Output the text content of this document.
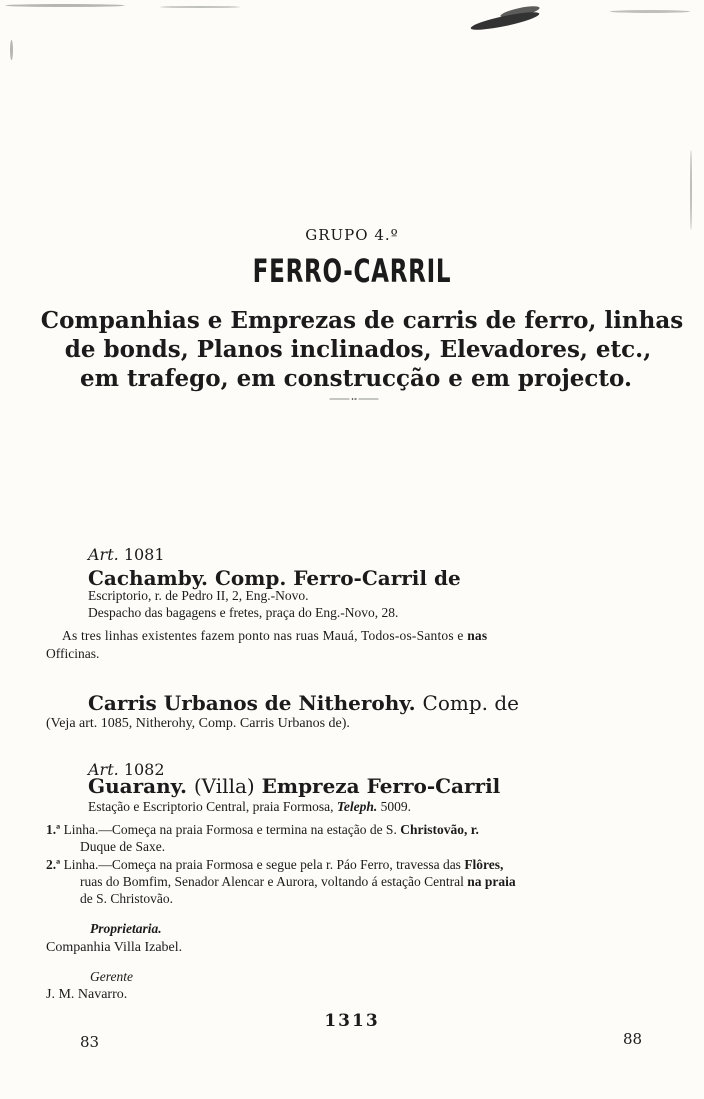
GRUPO 4.º
FERRO-CARRIL
Companhias e Emprezas de carris de ferro, linhas
de bonds, Planos inclinados, Elevadores, etc.,
em trafego, em construcção e em projecto.
Art. 1081
Cachamby. Comp. Ferro-Carril de
Escriptorio, r. de Pedro II, 2, Eng.-Novo.
Despacho das bagagens e fretes, praça do Eng.-Novo, 28.
As tres linhas existentes fazem ponto nas ruas Mauá, Todos-os-Santos e nas
Officinas.
Carris Urbanos de Nitherohy. Comp. de
(Veja art. 1085, Nitherohy, Comp. Carris Urbanos de).
Art. 1082
Guarany. (Villa) Empreza Ferro-Carril
Estação e Escriptorio Central, praia Formosa, Teleph. 5009.
1.ª Linha.—Começa na praia Formosa e termina na estação de S. Christovão, r.
Duque de Saxe.
2.ª Linha.—Começa na praia Formosa e segue pela r. Páo Ferro, travessa das Flôres,
ruas do Bomfim, Senador Alencar e Aurora, voltando á estação Central na praia
de S. Christovão.
Proprietaria.
Companhia Villa Izabel.
Gerente
J. M. Navarro.
1313
83	88
